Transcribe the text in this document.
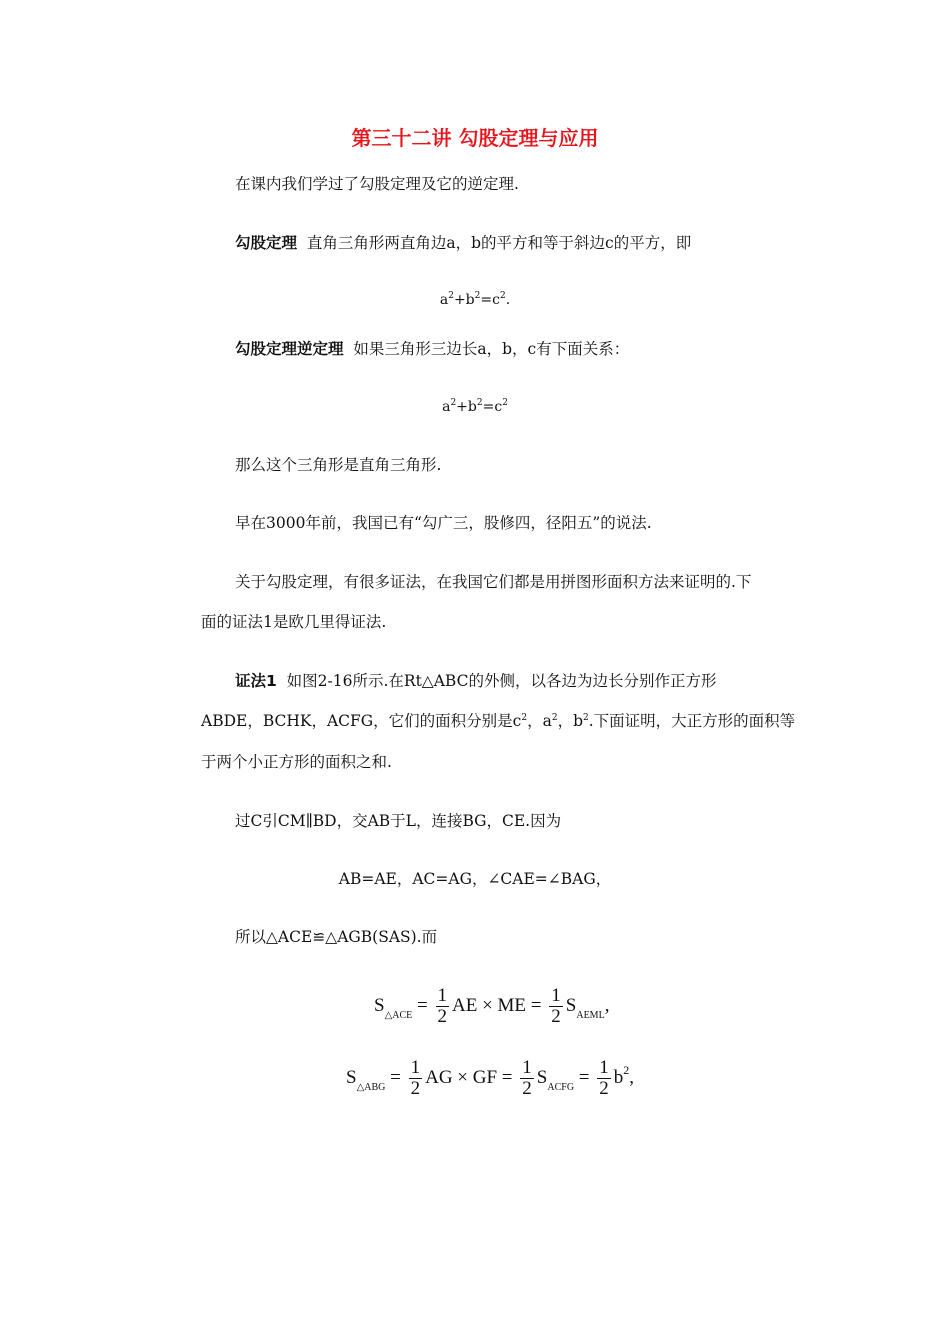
第三十二讲 勾股定理与应用
在课内我们学过了勾股定理及它的逆定理.
勾股定理 直角三角形两直角边a，b的平方和等于斜边c的平方，即
$a^2+b^2=c^2$.
勾股定理逆定理 如果三角形三边长a，b，c有下面关系：
$a^2+b^2=c^2$
那么这个三角形是直角三角形.
早在3000年前，我国已有“勾广三，股修四，径阳五”的说法.
关于勾股定理，有很多证法，在我国它们都是用拼图形面积方法来证明的.下
面的证法1是欧几里得证法.
证法1 如图2-16所示.在Rt△ABC的外侧，以各边为边长分别作正方形
ABDE，BCHK，ACFG，它们的面积分别是$c^2$，$a^2$，$b^2$.下面证明，大正方形的面积等
于两个小正方形的面积之和.
过C引CM∥BD，交AB于L，连接BG，CE.因为
AB=AE，AC=AG，∠CAE=∠BAG，
所以△ACE≌△AGB(SAS).而
$S_{\triangle ACE} = \frac{1}{2}$ AE × ME = $\frac{1}{2} S_{AEML}$,
$S_{\triangle ABG} = \frac{1}{2}$ AG × GF = $\frac{1}{2} S_{ACFG} = \frac{1}{2} b^2$,
